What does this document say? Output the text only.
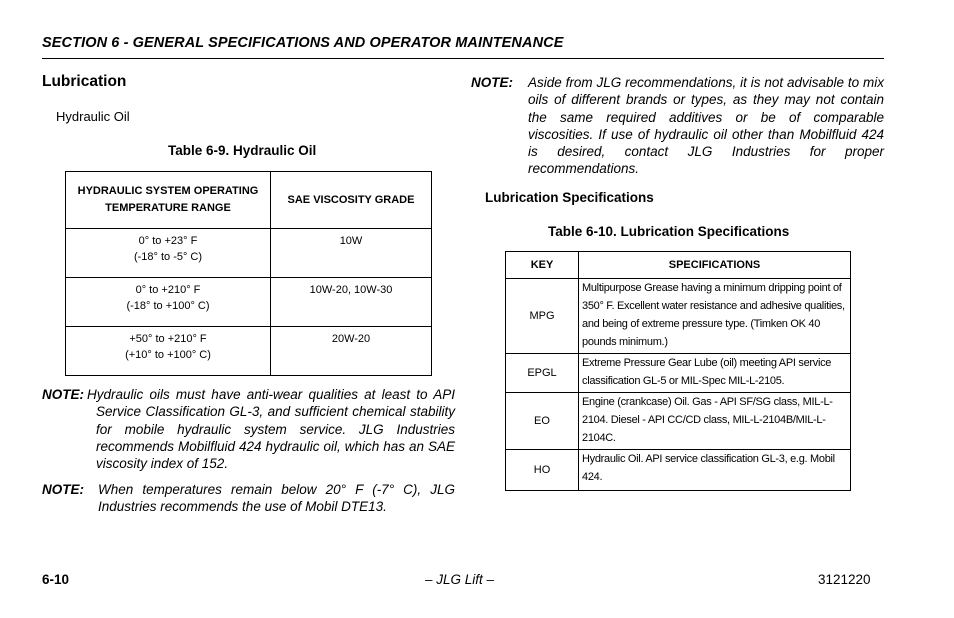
SECTION 6 - GENERAL SPECIFICATIONS AND OPERATOR MAINTENANCE
Lubrication
Hydraulic Oil
Table 6-9. Hydraulic Oil
HYDRAULIC SYSTEM OPERATING
TEMPERATURE RANGE	SAE VISCOSITY GRADE
0° to +23° F
(-18° to -5° C)	10W
0° to +210° F
(-18° to +100° C)	10W-20, 10W-30
+50° to +210° F
(+10° to +100° C)	20W-20
NOTE: Hydraulic oils must have anti-wear qualities at least to API Service Classification GL-3, and sufficient chemical stability for mobile hydraulic system service. JLG Industries recommends Mobilfluid 424 hydraulic oil, which has an SAE viscosity index of 152.
NOTE: When temperatures remain below 20° F (-7° C), JLG Industries recommends the use of Mobil DTE13.
NOTE: Aside from JLG recommendations, it is not advisable to mix oils of different brands or types, as they may not contain the same required additives or be of comparable viscosities. If use of hydraulic oil other than Mobilfluid 424 is desired, contact JLG Industries for proper recommendations.
Lubrication Specifications
Table 6-10. Lubrication Specifications
KEY	SPECIFICATIONS
MPG	Multipurpose Grease having a minimum dripping point of 350° F. Excellent water resistance and adhesive qualities, and being of extreme pressure type. (Timken OK 40 pounds minimum.)
EPGL	Extreme Pressure Gear Lube (oil) meeting API service classification GL-5 or MIL-Spec MIL-L-2105.
EO	Engine (crankcase) Oil. Gas - API SF/SG class, MIL-L-2104. Diesel - API CC/CD class, MIL-L-2104B/MIL-L-2104C.
HO	Hydraulic Oil. API service classification GL-3, e.g. Mobil 424.
6-10	– JLG Lift –	3121220
